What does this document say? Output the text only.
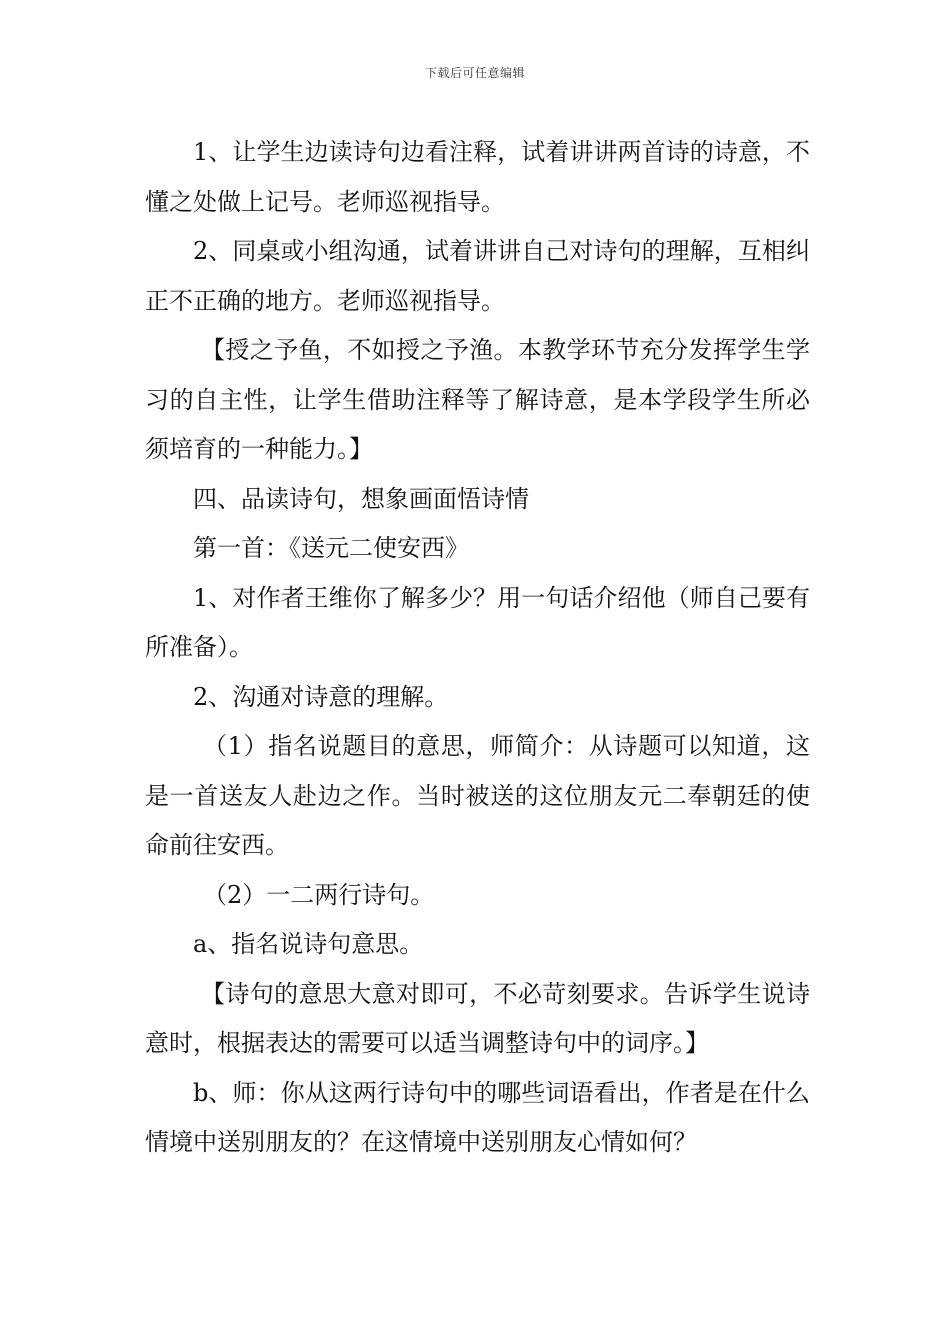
下载后可任意编辑

1、让学生边读诗句边看注释，试着讲讲两首诗的诗意，不懂之处做上记号。老师巡视指导。

2、同桌或小组沟通，试着讲讲自己对诗句的理解，互相纠正不正确的地方。老师巡视指导。

【授之予鱼，不如授之予渔。本教学环节充分发挥学生学习的自主性，让学生借助注释等了解诗意，是本学段学生所必须培育的一种能力。】

四、品读诗句，想象画面悟诗情

第一首：《送元二使安西》

1、对作者王维你了解多少？用一句话介绍他（师自己要有所准备）。

2、沟通对诗意的理解。

（1）指名说题目的意思，师简介：从诗题可以知道，这是一首送友人赴边之作。当时被送的这位朋友元二奉朝廷的使命前往安西。

（2）一二两行诗句。

a、指名说诗句意思。

【诗句的意思大意对即可，不必苛刻要求。告诉学生说诗意时，根据表达的需要可以适当调整诗句中的词序。】

b、师：你从这两行诗句中的哪些词语看出，作者是在什么情境中送别朋友的？在这情境中送别朋友心情如何？
